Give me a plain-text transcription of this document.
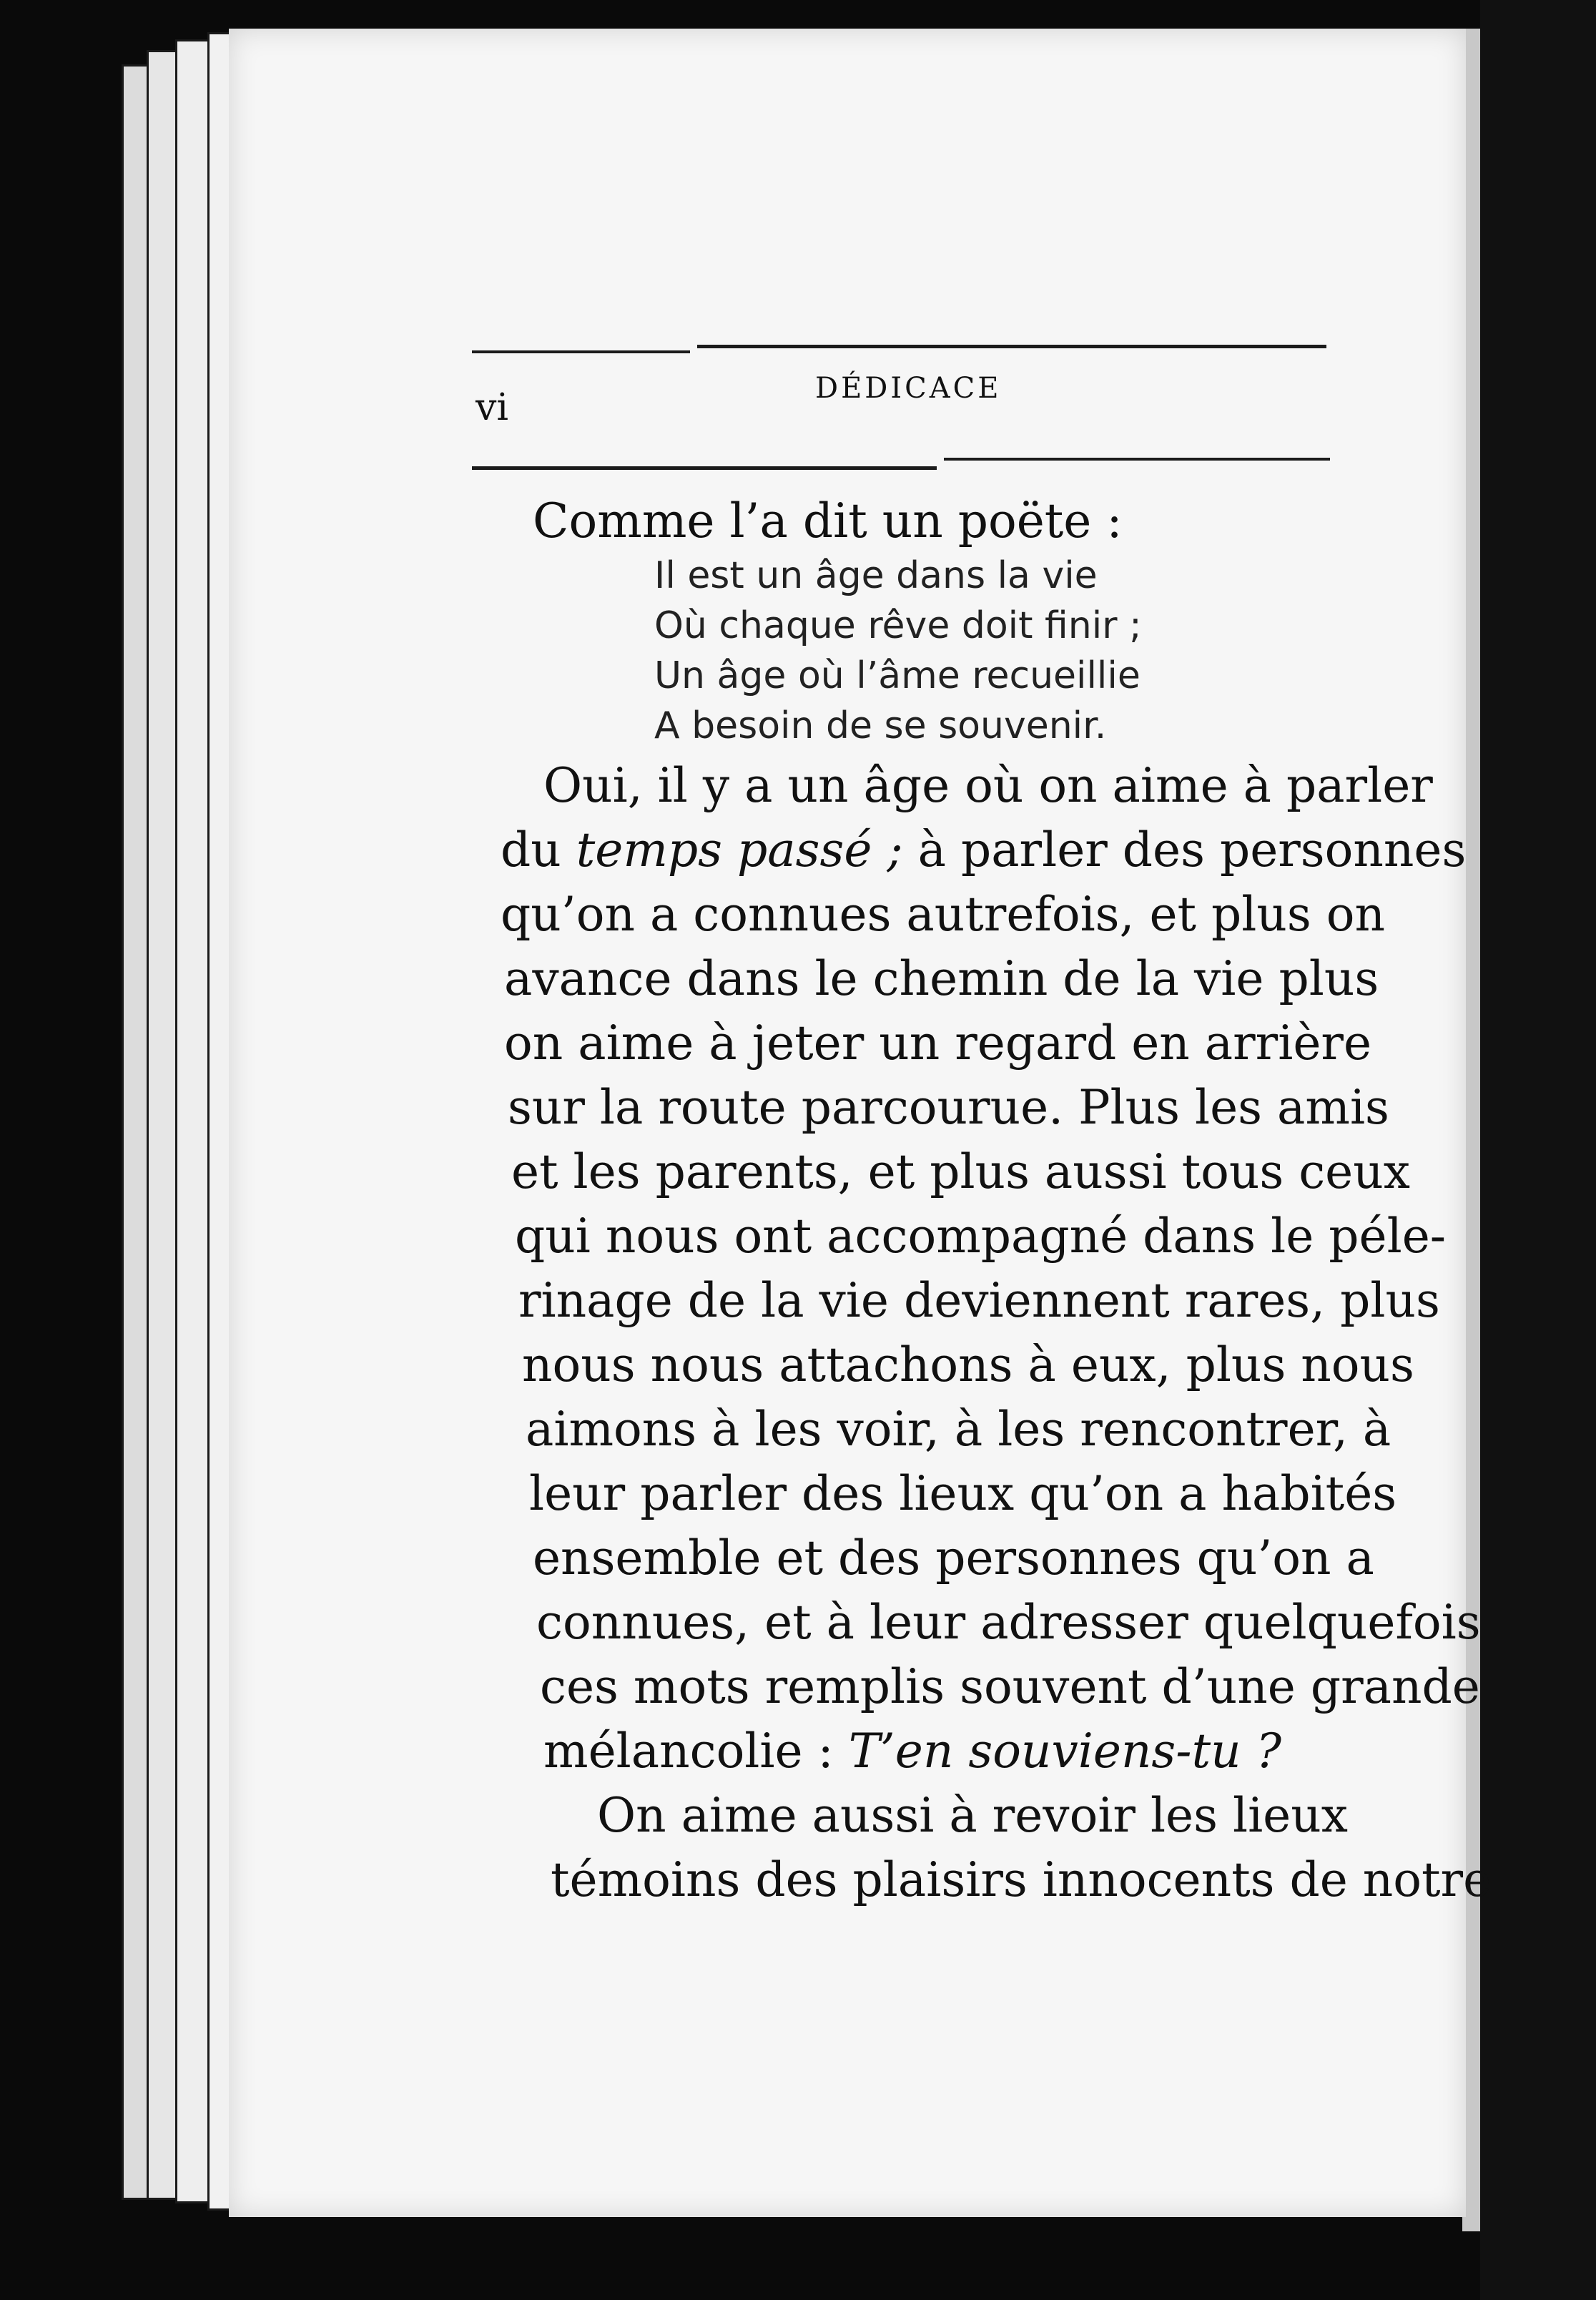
vi	DÉDICACE

Comme l’a dit un poëte :

Il est un âge dans la vie

Où chaque rêve doit finir ;

Un âge où l’âme recueillie

A besoin de se souvenir.

Oui, il y a un âge où on aime à parler

du temps passé ; à parler des personnes

qu’on a connues autrefois, et plus on

avance dans le chemin de la vie plus

on aime à jeter un regard en arrière

sur la route parcourue. Plus les amis

et les parents, et plus aussi tous ceux

qui nous ont accompagné dans le péle-

rinage de la vie deviennent rares, plus

nous nous attachons à eux, plus nous

aimons à les voir, à les rencontrer, à

leur parler des lieux qu’on a habités

ensemble et des personnes qu’on a

connues, et à leur adresser quelquefois

ces mots remplis souvent d’une grande

mélancolie : T’en souviens-tu ?

On aime aussi à revoir les lieux

témoins des plaisirs innocents de notre
